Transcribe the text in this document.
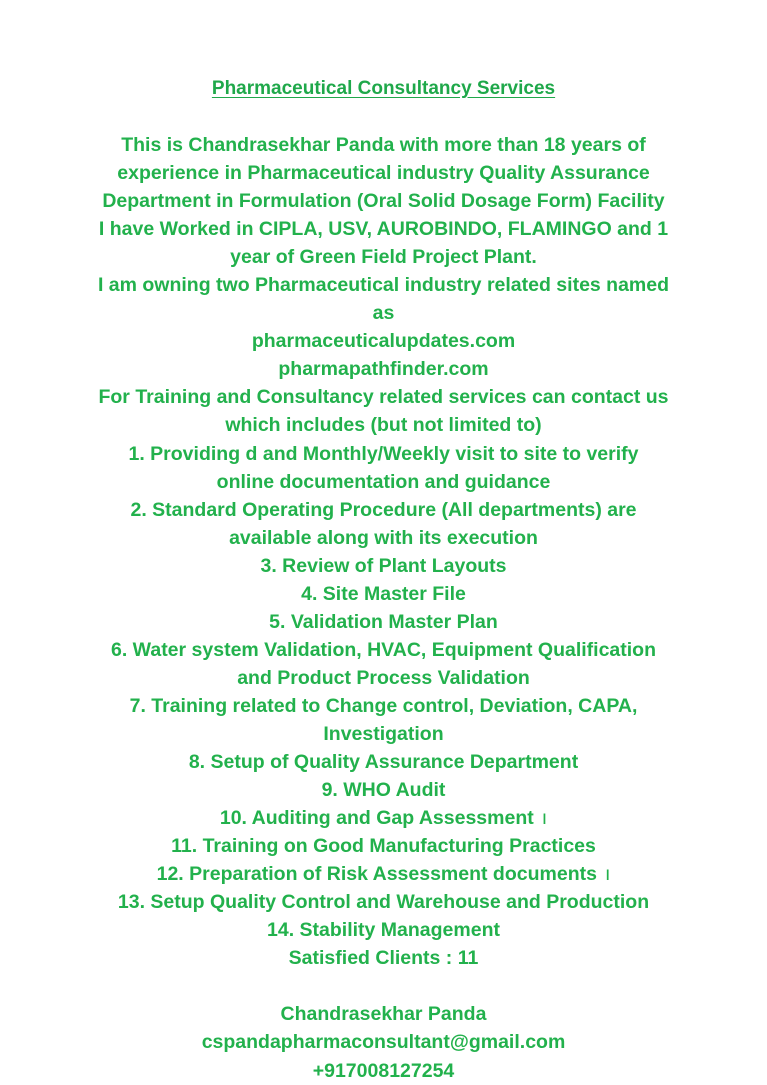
Pharmaceutical Consultancy Services
This is Chandrasekhar Panda with more than 18 years of
experience in Pharmaceutical industry Quality Assurance
Department in Formulation (Oral Solid Dosage Form) Facility
I have Worked in CIPLA, USV, AUROBINDO, FLAMINGO and 1
year of Green Field Project Plant.
I am owning two Pharmaceutical industry related sites named
as
pharmaceuticalupdates.com
pharmapathfinder.com
For Training and Consultancy related services can contact us
which includes (but not limited to)
1. Providing d and Monthly/Weekly visit to site to verify
online documentation and guidance
2. Standard Operating Procedure (All departments) are
available along with its execution
3. Review of Plant Layouts
4. Site Master File
5. Validation Master Plan
6. Water system Validation, HVAC, Equipment Qualification
and Product Process Validation
7. Training related to Change control, Deviation, CAPA,
Investigation
8. Setup of Quality Assurance Department
9. WHO Audit
10. Auditing and Gap Assessment ı
11. Training on Good Manufacturing Practices
12. Preparation of Risk Assessment documents ı
13. Setup Quality Control and Warehouse and Production
14. Stability Management
Satisfied Clients : 11
Chandrasekhar Panda
cspandapharmaconsultant@gmail.com
+917008127254
